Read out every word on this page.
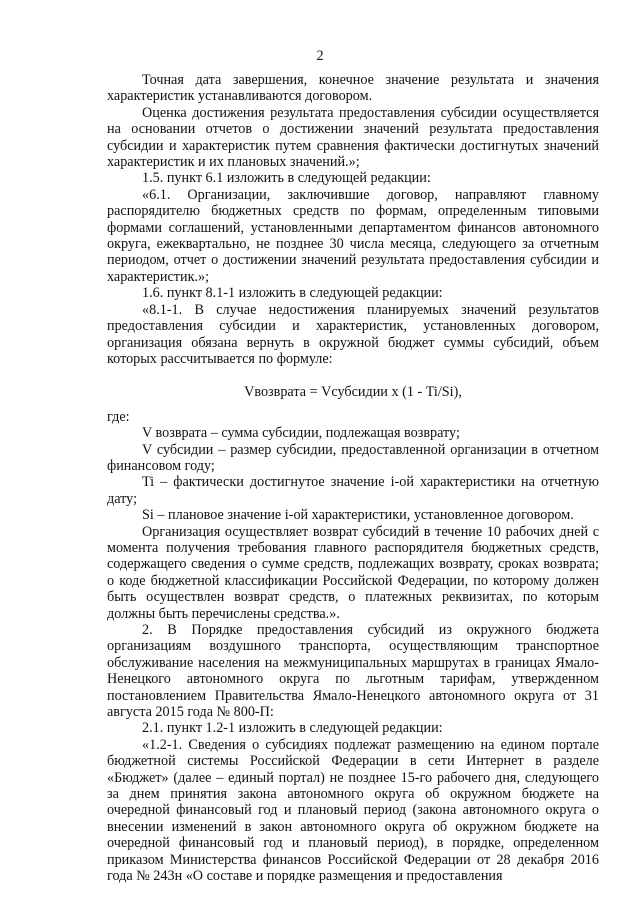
2

Точная дата завершения, конечное значение результата и значения характеристик устанавливаются договором.

Оценка достижения результата предоставления субсидии осуществляется на основании отчетов о достижении значений результата предоставления субсидии и характеристик путем сравнения фактически достигнутых значений характеристик и их плановых значений.»;

1.5. пункт 6.1 изложить в следующей редакции:

«6.1. Организации, заключившие договор, направляют главному распорядителю бюджетных средств по формам, определенным типовыми формами соглашений, установленными департаментом финансов автономного округа, ежеквартально, не позднее 30 числа месяца, следующего за отчетным периодом, отчет о достижении значений результата предоставления субсидии и характеристик.»;

1.6. пункт 8.1-1 изложить в следующей редакции:

«8.1-1. В случае недостижения планируемых значений результатов предоставления субсидии и характеристик, установленных договором, организация обязана вернуть в окружной бюджет суммы субсидий, объем которых рассчитывается по формуле:

Vвозврата = Vсубсидии х (1 - Ti/Si),

где:

V возврата – сумма субсидии, подлежащая возврату;

V субсидии – размер субсидии, предоставленной организации в отчетном финансовом году;

Ti – фактически достигнутое значение i-ой характеристики на отчетную дату;

Si – плановое значение i-ой характеристики, установленное договором.

Организация осуществляет возврат субсидий в течение 10 рабочих дней с момента получения требования главного распорядителя бюджетных средств, содержащего сведения о сумме средств, подлежащих возврату, сроках возврата; о коде бюджетной классификации Российской Федерации, по которому должен быть осуществлен возврат средств, о платежных реквизитах, по которым должны быть перечислены средства.».

2. В Порядке предоставления субсидий из окружного бюджета организациям воздушного транспорта, осуществляющим транспортное обслуживание населения на межмуниципальных маршрутах в границах Ямало-Ненецкого автономного округа по льготным тарифам, утвержденном постановлением Правительства Ямало-Ненецкого автономного округа от 31 августа 2015 года № 800-П:

2.1. пункт 1.2-1 изложить в следующей редакции:

«1.2-1. Сведения о субсидиях подлежат размещению на едином портале бюджетной системы Российской Федерации в сети Интернет в разделе «Бюджет» (далее – единый портал) не позднее 15-го рабочего дня, следующего за днем принятия закона автономного округа об окружном бюджете на очередной финансовый год и плановый период (закона автономного округа о внесении изменений в закон автономного округа об окружном бюджете на очередной финансовый год и плановый период), в порядке, определенном приказом Министерства финансов Российской Федерации от 28 декабря 2016 года № 243н «О составе и порядке размещения и предоставления
